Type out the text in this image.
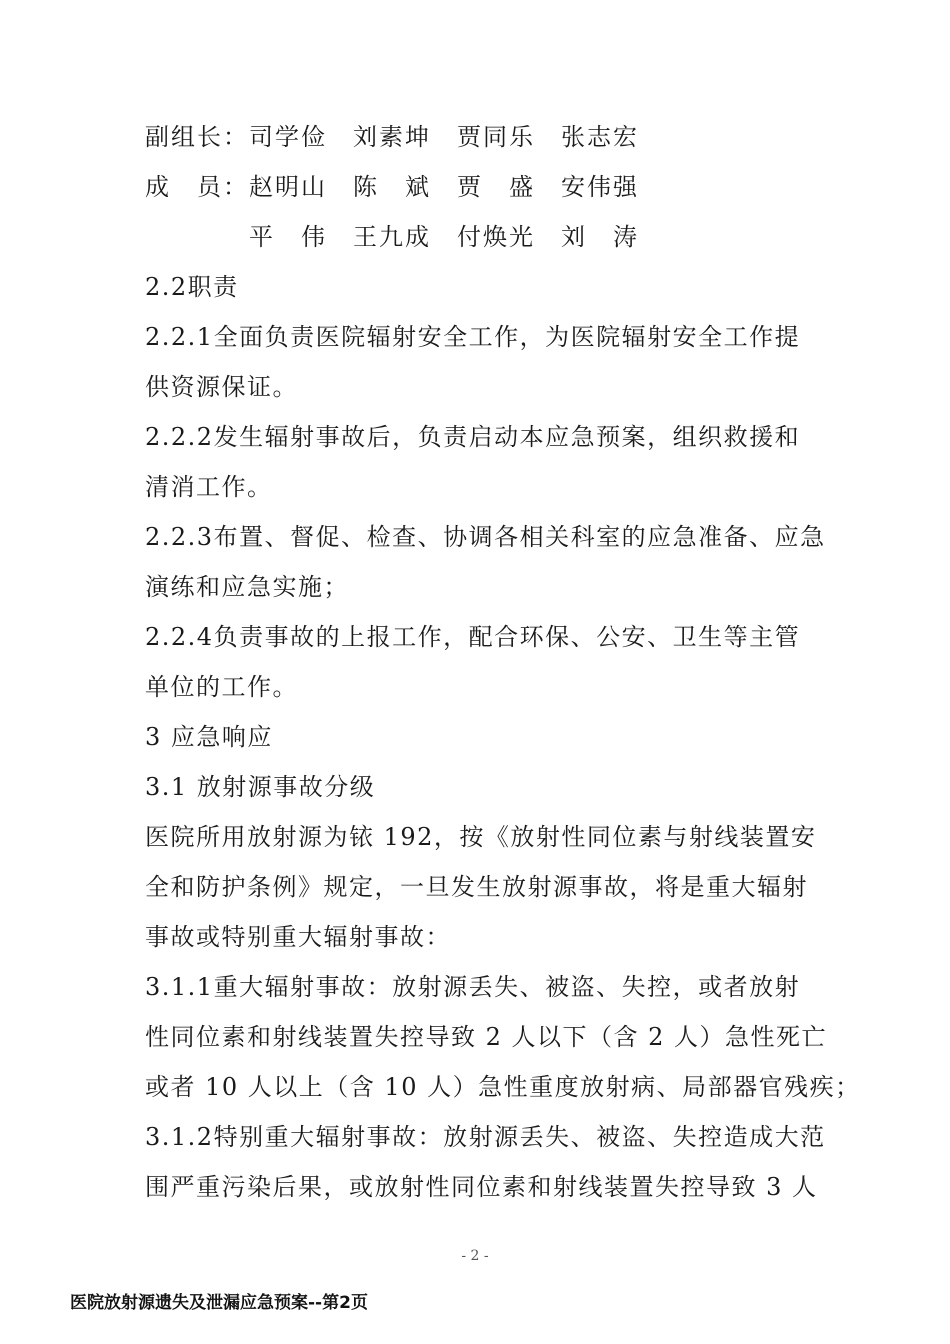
副组长：司学俭　刘素坤　贾同乐　张志宏
成　员：赵明山　陈　斌　贾　盛　安伟强
平　伟　王九成　付焕光　刘　涛
2.2职责
2.2.1全面负责医院辐射安全工作，为医院辐射安全工作提
供资源保证。
2.2.2发生辐射事故后，负责启动本应急预案，组织救援和
清消工作。
2.2.3布置、督促、检查、协调各相关科室的应急准备、应急
演练和应急实施；
2.2.4负责事故的上报工作，配合环保、公安、卫生等主管
单位的工作。
3 应急响应
3.1 放射源事故分级
医院所用放射源为铱 192，按《放射性同位素与射线装置安
全和防护条例》规定，一旦发生放射源事故，将是重大辐射
事故或特别重大辐射事故：
3.1.1重大辐射事故：放射源丢失、被盗、失控，或者放射
性同位素和射线装置失控导致 2 人以下（含 2 人）急性死亡
或者 10 人以上（含 10 人）急性重度放射病、局部器官残疾；
3.1.2特别重大辐射事故：放射源丢失、被盗、失控造成大范
围严重污染后果，或放射性同位素和射线装置失控导致 3 人
- 2 -
医院放射源遗失及泄漏应急预案--第2页
